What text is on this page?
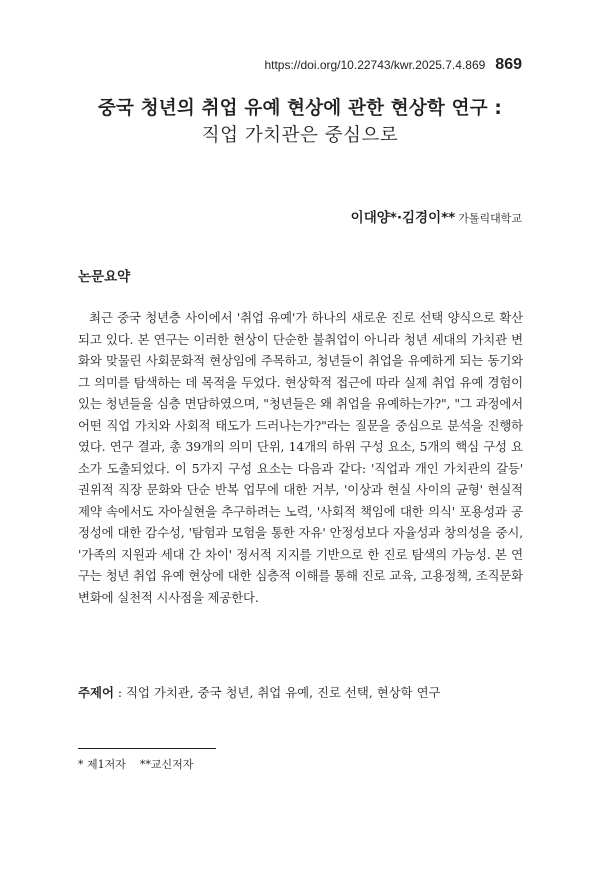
https://doi.org/10.22743/kwr.2025.7.4.869 869
중국 청년의 취업 유예 현상에 관한 현상학 연구 :
직업 가치관은 중심으로
이대양*·김경이** 가톨릭대학교
논문요약

최근 중국 청년층 사이에서 '취업 유예'가 하나의 새로운 진로 선택 양식으로 확산되고 있다. 본 연구는 이러한 현상이 단순한 불취업이 아니라 청년 세대의 가치관 변화와 맞물린 사회문화적 현상임에 주목하고, 청년들이 취업을 유예하게 되는 동기와 그 의미를 탐색하는 데 목적을 두었다. 현상학적 접근에 따라 실제 취업 유예 경험이 있는 청년들을 심층 면담하였으며, "청년들은 왜 취업을 유예하는가?", "그 과정에서 어떤 직업 가치와 사회적 태도가 드러나는가?"라는 질문을 중심으로 분석을 진행하였다. 연구 결과, 총 39개의 의미 단위, 14개의 하위 구성 요소, 5개의 핵심 구성 요소가 도출되었다. 이 5가지 구성 요소는 다음과 같다: '직업과 개인 가치관의 갈등' 권위적 직장 문화와 단순 반복 업무에 대한 거부, '이상과 현실 사이의 균형' 현실적 제약 속에서도 자아실현을 추구하려는 노력, '사회적 책임에 대한 의식' 포용성과 공정성에 대한 감수성, '탐험과 모험을 통한 자유' 안정성보다 자율성과 창의성을 중시, '가족의 지원과 세대 간 차이' 정서적 지지를 기반으로 한 진로 탐색의 가능성. 본 연구는 청년 취업 유예 현상에 대한 심층적 이해를 통해 진로 교육, 고용정책, 조직문화 변화에 실천적 시사점을 제공한다.

주제어 : 직업 가치관, 중국 청년, 취업 유예, 진로 선택, 현상학 연구
* 제1저자 **교신저자
